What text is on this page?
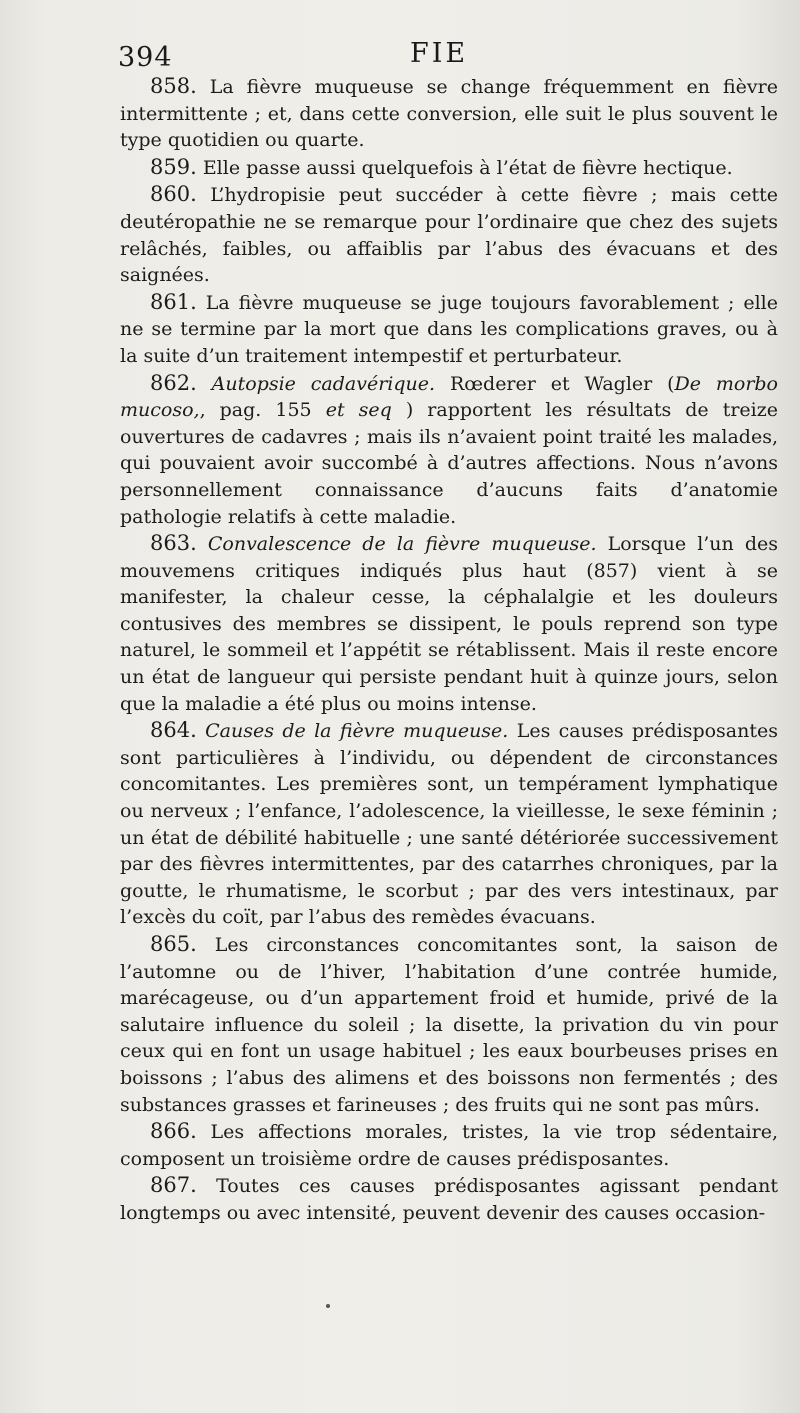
394	FIE

858. La fièvre muqueuse se change fréquemment en fièvre intermittente ; et, dans cette conversion, elle suit le plus souvent le type quotidien ou quarte.

859. Elle passe aussi quelquefois à l’état de fièvre hectique.

860. L’hydropisie peut succéder à cette fièvre ; mais cette deutéropathie ne se remarque pour l’ordinaire que chez des sujets relâchés, faibles, ou affaiblis par l’abus des évacuans et des saignées.

861. La fièvre muqueuse se juge toujours favorablement ; elle ne se termine par la mort que dans les complications graves, ou à la suite d’un traitement intempestif et perturbateur.

862. Autopsie cadavérique. Rœderer et Wagler (De morbo mucoso,, pag. 155 et seq ) rapportent les résultats de treize ouvertures de cadavres ; mais ils n’avaient point traité les malades, qui pouvaient avoir succombé à d’autres affections. Nous n’avons personnellement connaissance d’aucuns faits d’anatomie pathologie relatifs à cette maladie.

863. Convalescence de la fièvre muqueuse. Lorsque l’un des mouvemens critiques indiqués plus haut (857) vient à se manifester, la chaleur cesse, la céphalalgie et les douleurs contusives des membres se dissipent, le pouls reprend son type naturel, le sommeil et l’appétit se rétablissent. Mais il reste encore un état de langueur qui persiste pendant huit à quinze jours, selon que la maladie a été plus ou moins intense.

864. Causes de la fièvre muqueuse. Les causes prédisposantes sont particulières à l’individu, ou dépendent de circonstances concomitantes. Les premières sont, un tempérament lymphatique ou nerveux ; l’enfance, l’adolescence, la vieillesse, le sexe féminin ; un état de débilité habituelle ; une santé détériorée successivement par des fièvres intermittentes, par des catarrhes chroniques, par la goutte, le rhumatisme, le scorbut ; par des vers intestinaux, par l’excès du coït, par l’abus des remèdes évacuans.

865. Les circonstances concomitantes sont, la saison de l’automne ou de l’hiver, l’habitation d’une contrée humide, marécageuse, ou d’un appartement froid et humide, privé de la salutaire influence du soleil ; la disette, la privation du vin pour ceux qui en font un usage habituel ; les eaux bourbeuses prises en boissons ; l’abus des alimens et des boissons non fermentés ; des substances grasses et farineuses ; des fruits qui ne sont pas mûrs.

866. Les affections morales, tristes, la vie trop sédentaire, composent un troisième ordre de causes prédisposantes.

867. Toutes ces causes prédisposantes agissant pendant longtemps ou avec intensité, peuvent devenir des causes occasion-
